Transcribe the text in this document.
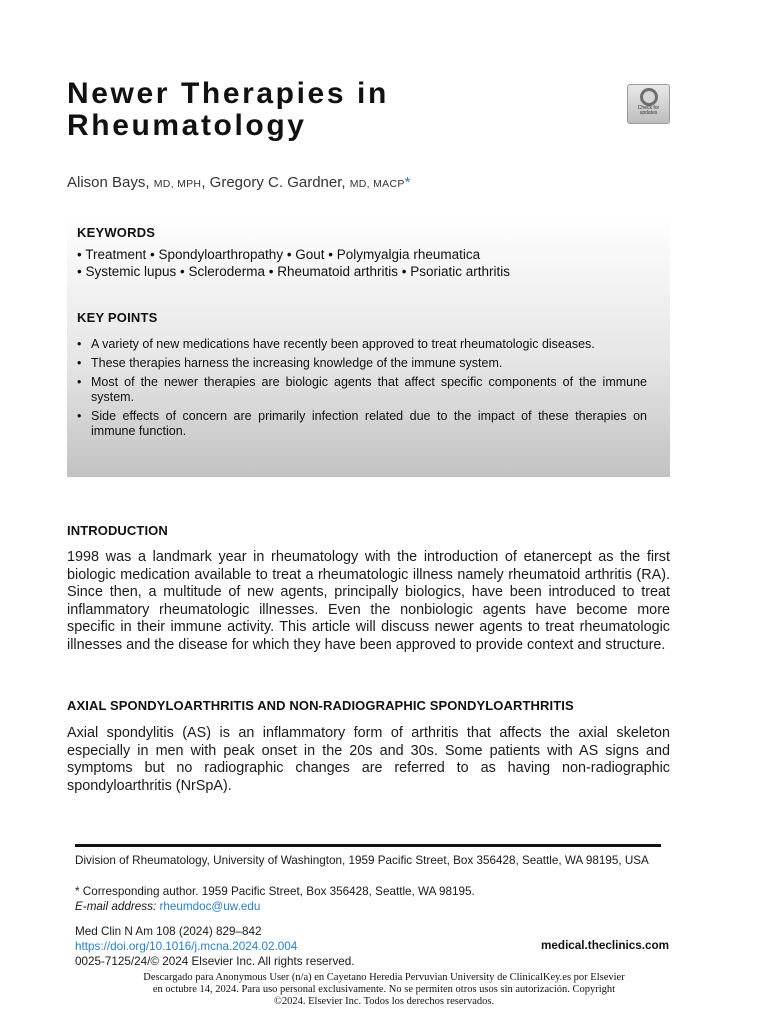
Newer Therapies in
Rheumatology
Check for
updates
Alison Bays, MD, MPH, Gregory C. Gardner, MD, MACP*
KEYWORDS
• Treatment • Spondyloarthropathy • Gout • Polymyalgia rheumatica
• Systemic lupus • Scleroderma • Rheumatoid arthritis • Psoriatic arthritis
KEY POINTS
• A variety of new medications have recently been approved to treat rheumatologic diseases.
• These therapies harness the increasing knowledge of the immune system.
• Most of the newer therapies are biologic agents that affect specific components of the immune system.
• Side effects of concern are primarily infection related due to the impact of these therapies on immune function.
INTRODUCTION

1998 was a landmark year in rheumatology with the introduction of etanercept as the first biologic medication available to treat a rheumatologic illness namely rheumatoid arthritis (RA). Since then, a multitude of new agents, principally biologics, have been introduced to treat inflammatory rheumatologic illnesses. Even the nonbiologic agents have become more specific in their immune activity. This article will discuss newer agents to treat rheumatologic illnesses and the disease for which they have been approved to provide context and structure.

AXIAL SPONDYLOARTHRITIS AND NON-RADIOGRAPHIC SPONDYLOARTHRITIS

Axial spondylitis (AS) is an inflammatory form of arthritis that affects the axial skeleton especially in men with peak onset in the 20s and 30s. Some patients with AS signs and symptoms but no radiographic changes are referred to as having non-radiographic spondyloarthritis (NrSpA).

Division of Rheumatology, University of Washington, 1959 Pacific Street, Box 356428, Seattle, WA 98195, USA
* Corresponding author. 1959 Pacific Street, Box 356428, Seattle, WA 98195.
E-mail address: rheumdoc@uw.edu
Med Clin N Am 108 (2024) 829–842
https://doi.org/10.1016/j.mcna.2024.02.004
0025-7125/24/© 2024 Elsevier Inc. All rights reserved.
medical.theclinics.com
Descargado para Anonymous User (n/a) en Cayetano Heredia Pervuvian University de ClinicalKey.es por Elsevier en octubre 14, 2024. Para uso personal exclusivamente. No se permiten otros usos sin autorización. Copyright ©2024. Elsevier Inc. Todos los derechos reservados.
